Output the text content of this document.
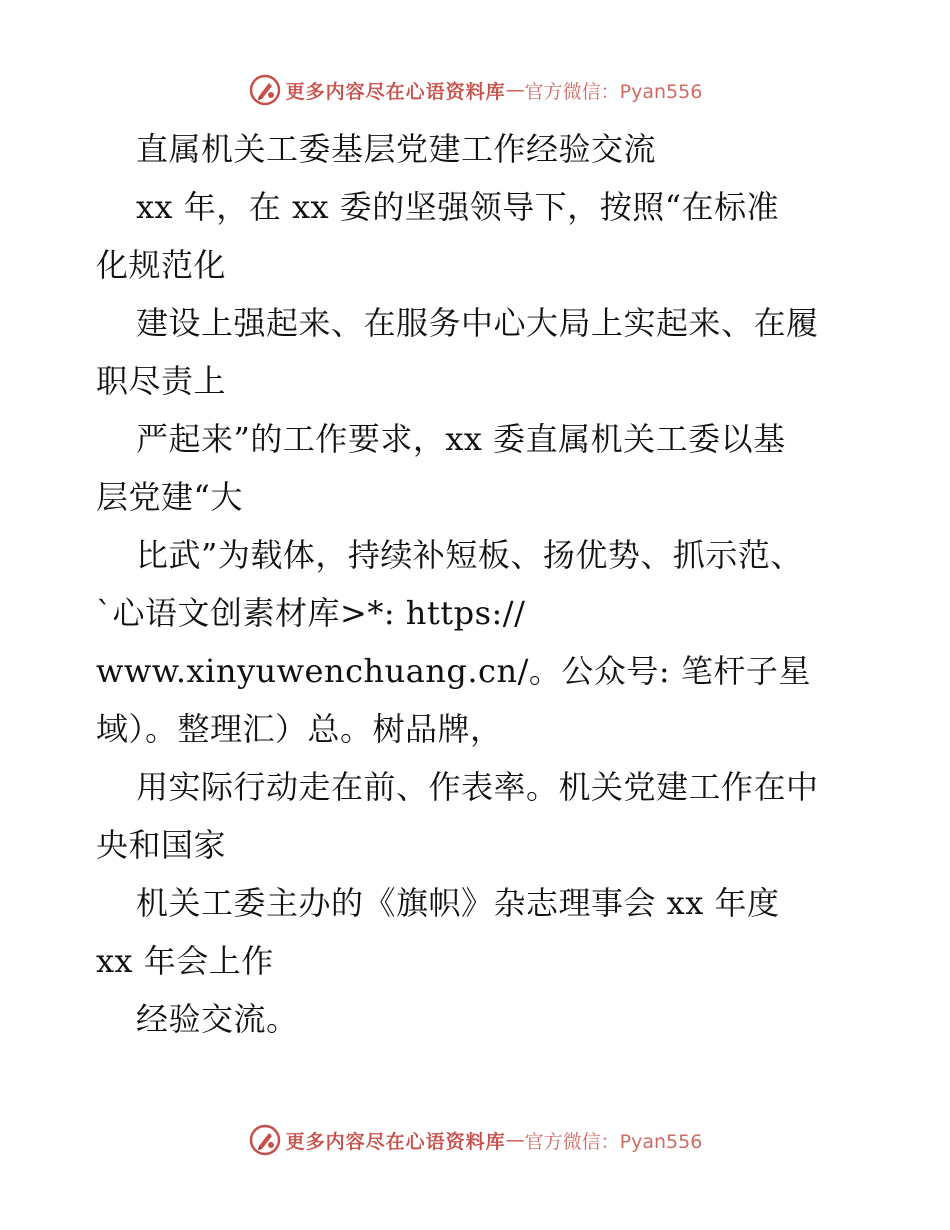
更多内容尽在心语资料库 — 官方微信：Pyan556
直属机关工委基层党建工作经验交流
xx 年，在 xx 委的坚强领导下，按照“在标准
化规范化
建设上强起来、在服务中心大局上实起来、在履
职尽责上
严起来”的工作要求，xx 委直属机关工委以基
层党建“大
比武”为载体，持续补短板、扬优势、抓示范、
`心语文创素材库>*: https://
www.xinyuwenchuang.cn/。公众号: 笔杆子星
域）。整理汇）总。树品牌，
用实际行动走在前、作表率。机关党建工作在中
央和国家
机关工委主办的《旗帜》杂志理事会 xx 年度
xx 年会上作
经验交流。
更多内容尽在心语资料库 — 官方微信：Pyan556
